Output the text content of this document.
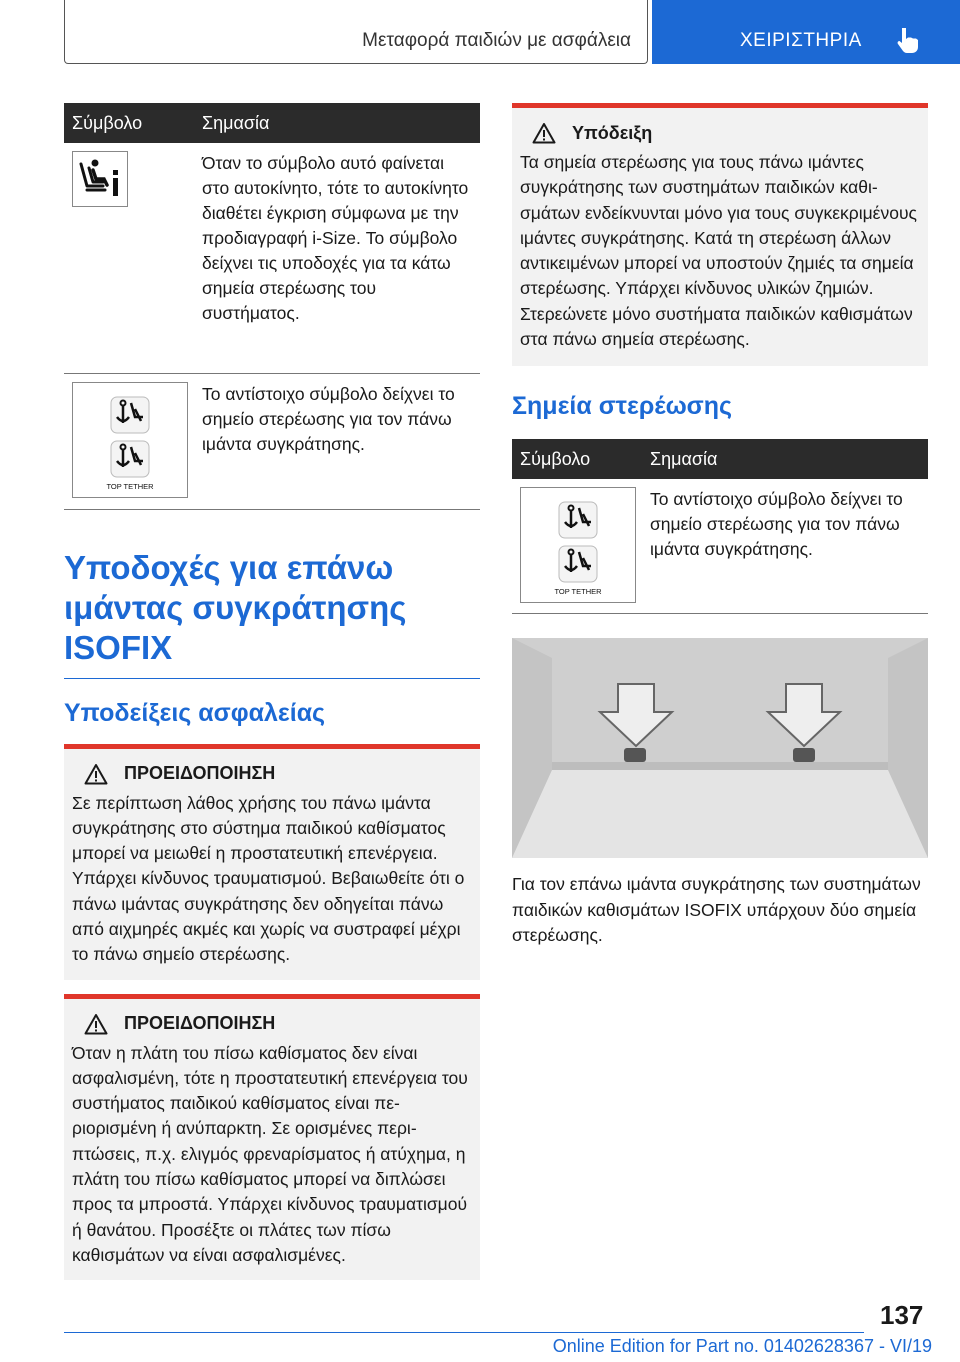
Μεταφορά παιδιών με ασφάλεια	ΧΕΙΡΙΣΤΗΡΙΑ
Σύμβολο	Σημασία

	Όταν το σύμβολο αυτό φαίνεται στο αυτοκίνητο, τότε το αυτοκίνητο διαθέτει έγκριση σύμφωνα με την προδιαγραφή i-Size. Το σύμβολο δείχνει τις υποδοχές για τα κάτω σημεία στερέωσης του συστήματος.

TOP TETHER	Το αντίστοιχο σύμβολο δείχνει το σημείο στερέωσης για τον πάνω ιμάντα συγκράτησης.
Υποδοχές για επάνω ιμάντας συγκράτησης ISOFIX
Υποδείξεις ασφαλείας
ΠΡΟΕΙΔΟΠΟΙΗΣΗ

Σε περίπτωση λάθος χρήσης του πάνω ιμάντα συγκράτησης στο σύστημα παιδικού καθίσματος μπορεί να μειωθεί η προστατευτική επενέργεια. Υπάρχει κίνδυνος τραυματισμού. Βεβαιωθείτε ότι ο πάνω ιμάντας συγκράτησης δεν οδηγείται πάνω από αιχμηρές ακμές και χωρίς να συστραφεί μέχρι το πάνω σημείο στερέωσης.

ΠΡΟΕΙΔΟΠΟΙΗΣΗ

Όταν η πλάτη του πίσω καθίσματος δεν είναι ασφαλισμένη, τότε η προστατευτική επενέργεια του συστήματος παιδικού καθίσματος είναι περιορισμένη ή ανύπαρκτη. Σε ορισμένες περιπτώσεις, π.χ. ελιγμός φρεναρίσματος ή ατύχημα, η πλάτη του πίσω καθίσματος μπορεί να διπλώσει προς τα μπροστά. Υπάρχει κίνδυνος τραυματισμού ή θανάτου. Προσέξτε οι πλάτες των πίσω καθισμάτων να είναι ασφαλισμένες.

Υπόδειξη

Τα σημεία στερέωσης για τους πάνω ιμάντες συγκράτησης των συστημάτων παιδικών καθισμάτων ενδείκνυνται μόνο για τους συγκεκριμένους ιμάντες συγκράτησης. Κατά τη στερέωση άλλων αντικειμένων μπορεί να υποστούν ζημιές τα σημεία στερέωσης. Υπάρχει κίνδυνος υλικών ζημιών. Στερεώνετε μόνο συστήματα παιδικών καθισμάτων στα πάνω σημεία στερέωσης.

Σημεία στερέωσης
Σύμβολο	Σημασία

TOP TETHER	Το αντίστοιχο σύμβολο δείχνει το σημείο στερέωσης για τον πάνω ιμάντα συγκράτησης.

Για τον επάνω ιμάντα συγκράτησης των συστημάτων παιδικών καθισμάτων ISOFIX υπάρχουν δύο σημεία στερέωσης.

137
Online Edition for Part no. 01402628367 - VI/19
